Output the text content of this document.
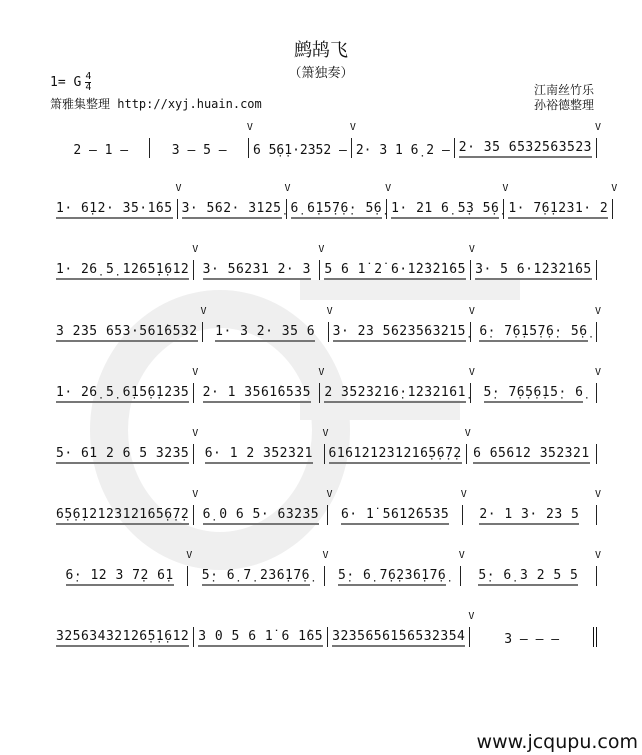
鹧鸪飞
（箫独奏）
1= G $\frac{4}{4}$
箫雅集整理 http://xyj.huain.com
江南丝竹乐
孙裕德整理
2 – 1 –	3 – 5 –
V
6 5̣6̣1·2352 –
V
2· 3 1 6̣ 2 – 2· 35 6532563523
V
1· 6̣12· 35·1̇65
V
3· 562· 3125̣
V
6̣ 6̣15̣7̣6̣· 5̣6̣
V
1· 21 6̣ 5̣3 5̣6̣
V
1· 7̣6̣1231· 2
V
1· 26̣ 5̣ 1265̣̣1̣612
V
3· 56231 2· 3
V
5 6 1̇ 2̇ 6·1̇2̇3̇2̇1̇65
V
3· 5 6·1̇2̇3̇2̇1̇65
3 235 653·561̇6532
V
1· 3 2· 35 6
V
3· 23 5623563215̣
V
6̣· 7̣6̣15̣7̣6̣· 5̣6̣
V
1· 26̣ 5̣ 6̣15̣6̣1235
V
2· 1 3561̇6535
V
2 3523216̣·1232161̣
V
5̣· 7̣6̣5̣6̣15̣· 6̣
V
5· 61 2 6 5 3235
V
6· 1 2 352321
V
616121231216̣5̣6̣7̣2
V
6 65612 352321
6̣5̣6̣1212312165̣6̣7̣2
V
6̣ 0 6 5· 63235
V
6· 1̇ 561̇2̇6535
V
2· 1 3· 23 5
V
6̣· 12 3 7̣2 6̣1
V
5̣· 6̣ 7̣ 236̣17̣6̣
V
5̣· 6̣ 7̣6̣236̣17̣6̣
V
5̣· 6̣ 3 2 5 5
V
32563432126̣5̣1̣612 3 0 5 6 1̇ 6 1̇65 32356561̇56532354
V
3 – – –
www.jcqupu.com
